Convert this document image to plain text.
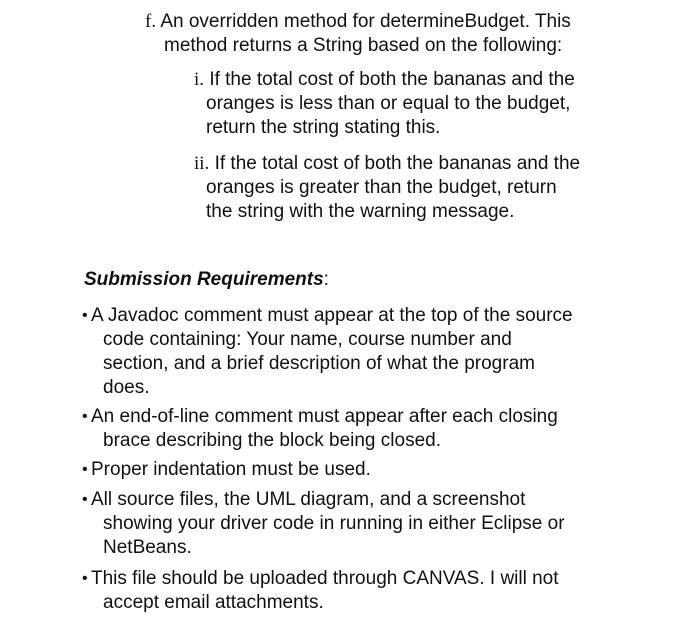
f. An overridden method for determineBudget. This
method returns a String based on the following:
i. If the total cost of both the bananas and the
oranges is less than or equal to the budget,
return the string stating this.
ii. If the total cost of both the bananas and the
oranges is greater than the budget, return
the string with the warning message.
Submission Requirements:
• A Javadoc comment must appear at the top of the source
code containing: Your name, course number and
section, and a brief description of what the program
does.
• An end-of-line comment must appear after each closing
brace describing the block being closed.
• Proper indentation must be used.
• All source files, the UML diagram, and a screenshot
showing your driver code in running in either Eclipse or
NetBeans.
• This file should be uploaded through CANVAS. I will not
accept email attachments.
